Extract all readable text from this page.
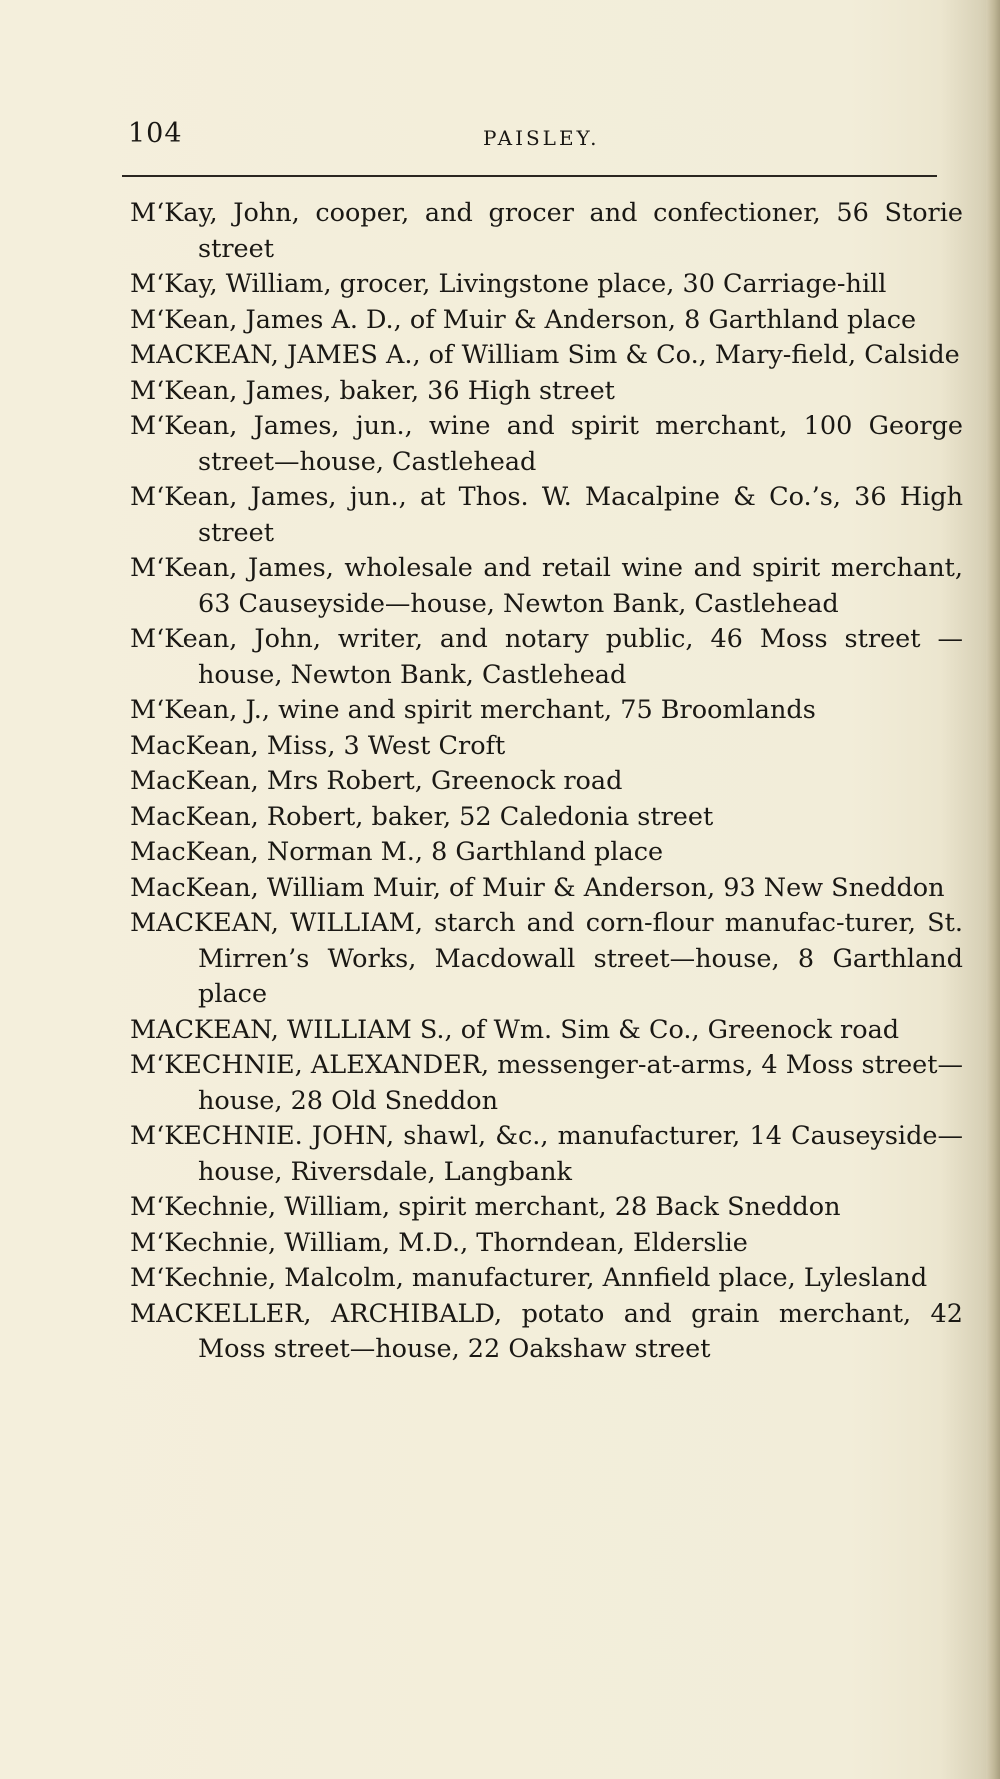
104	PAISLEY.

M‘Kay, John, cooper, and grocer and confectioner, 56 Storie street

M‘Kay, William, grocer, Livingstone place, 30 Carriage-hill

M‘Kean, James A. D., of Muir & Anderson, 8 Garthland place

MACKEAN, JAMES A., of William Sim & Co., Mary-field, Calside

M‘Kean, James, baker, 36 High street

M‘Kean, James, jun., wine and spirit merchant, 100 George street—house, Castlehead

M‘Kean, James, jun., at Thos. W. Macalpine & Co.’s, 36 High street

M‘Kean, James, wholesale and retail wine and spirit merchant, 63 Causeyside—house, Newton Bank, Castlehead

M‘Kean, John, writer, and notary public, 46 Moss street —house, Newton Bank, Castlehead

M‘Kean, J., wine and spirit merchant, 75 Broomlands

MacKean, Miss, 3 West Croft

MacKean, Mrs Robert, Greenock road

MacKean, Robert, baker, 52 Caledonia street

MacKean, Norman M., 8 Garthland place

MacKean, William Muir, of Muir & Anderson, 93 New Sneddon

MACKEAN, WILLIAM, starch and corn-flour manufac-turer, St. Mirren’s Works, Macdowall street—house, 8 Garthland place

MACKEAN, WILLIAM S., of Wm. Sim & Co., Greenock road

M‘KECHNIE, ALEXANDER, messenger-at-arms, 4 Moss street—house, 28 Old Sneddon

M‘KECHNIE. JOHN, shawl, &c., manufacturer, 14 Causeyside—house, Riversdale, Langbank

M‘Kechnie, William, spirit merchant, 28 Back Sneddon

M‘Kechnie, William, M.D., Thorndean, Elderslie

M‘Kechnie, Malcolm, manufacturer, Annfield place, Lylesland

MACKELLER, ARCHIBALD, potato and grain merchant, 42 Moss street—house, 22 Oakshaw street
